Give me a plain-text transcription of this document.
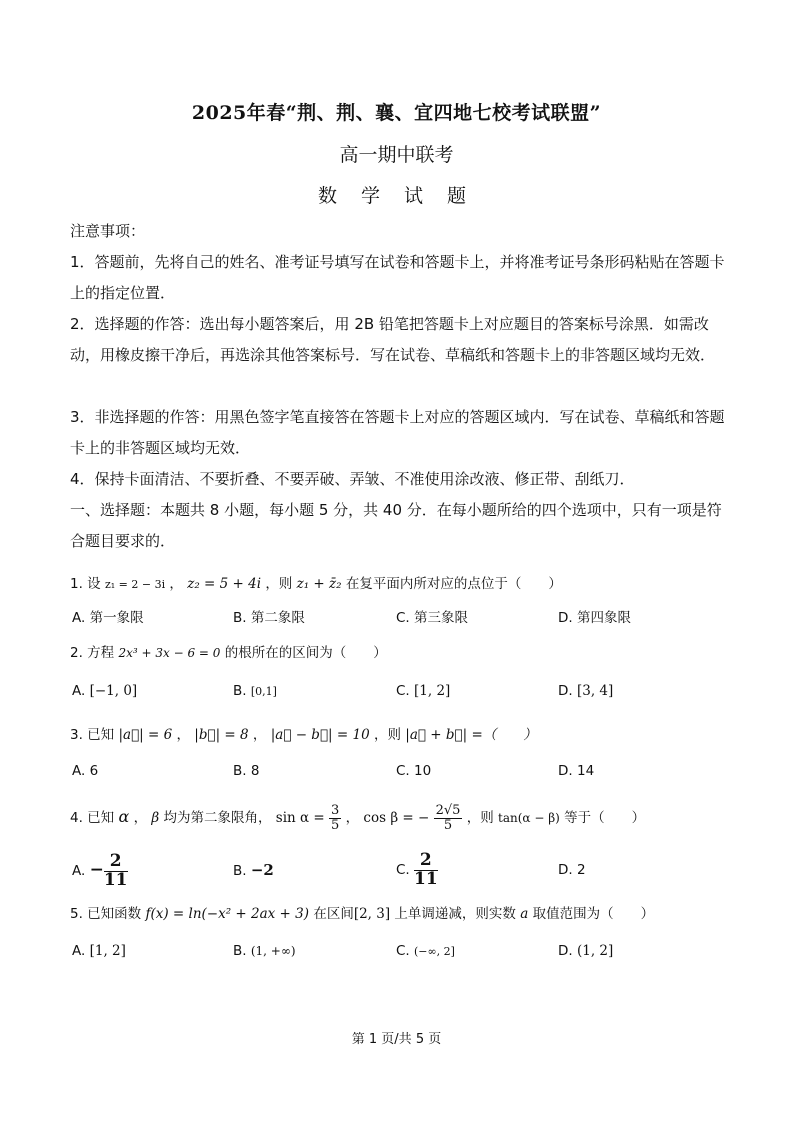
2025年春“荆、荆、襄、宜四地七校考试联盟”
高一期中联考
数 学 试 题
注意事项：
1．答题前，先将自己的姓名、准考证号填写在试卷和答题卡上，并将准考证号条形码粘贴在答题卡上的指定位置．
2．选择题的作答：选出每小题答案后，用 2B 铅笔把答题卡上对应题目的答案标号涂黑．如需改动，用橡皮擦干净后，再选涂其他答案标号．写在试卷、草稿纸和答题卡上的非答题区域均无效．
3．非选择题的作答：用黑色签字笔直接答在答题卡上对应的答题区域内．写在试卷、草稿纸和答题卡上的非答题区域均无效．
4．保持卡面清洁、不要折叠、不要弄破、弄皱、不准使用涂改液、修正带、刮纸刀．
一、选择题：本题共 8 小题，每小题 5 分，共 40 分．在每小题所给的四个选项中，只有一项是符合题目要求的．
1. 设 z₁ = 2 − 3i ， z₂ = 5 + 4i ，则 z₁ + z̄₂ 在复平面内所对应的点位于（　　）
A. 第一象限	B. 第二象限	C. 第三象限	D. 第四象限
2. 方程 2x³ + 3x − 6 = 0 的根所在的区间为（　　）
A. [−1, 0]	B. [0,1]	C. [1, 2]	D. [3, 4]
3. 已知 |a⃗| = 6 ， |b⃗| = 8 ， |a⃗ − b⃗| = 10 ，则 |a⃗ + b⃗| =（　　）
A. 6	B. 8	C. 10	D. 14
4. 已知 α ， β 均为第二象限角， $\sin \alpha = \frac{3}{5}$ ， cos β = − $\frac{2√5}{5}$ ，则 tan(α − β) 等于（　　）
A. − $\frac{2}{11}$	B. −2	C. $\frac{2}{11}$	D. 2
5. 已知函数 f(x) = ln(−x² + 2ax + 3) 在区间[2, 3] 上单调递减，则实数 a 取值范围为（　　）
A. [1, 2]	B. (1, +∞)	C. (−∞, 2]	D. (1, 2]
第 1 页/共 5 页
